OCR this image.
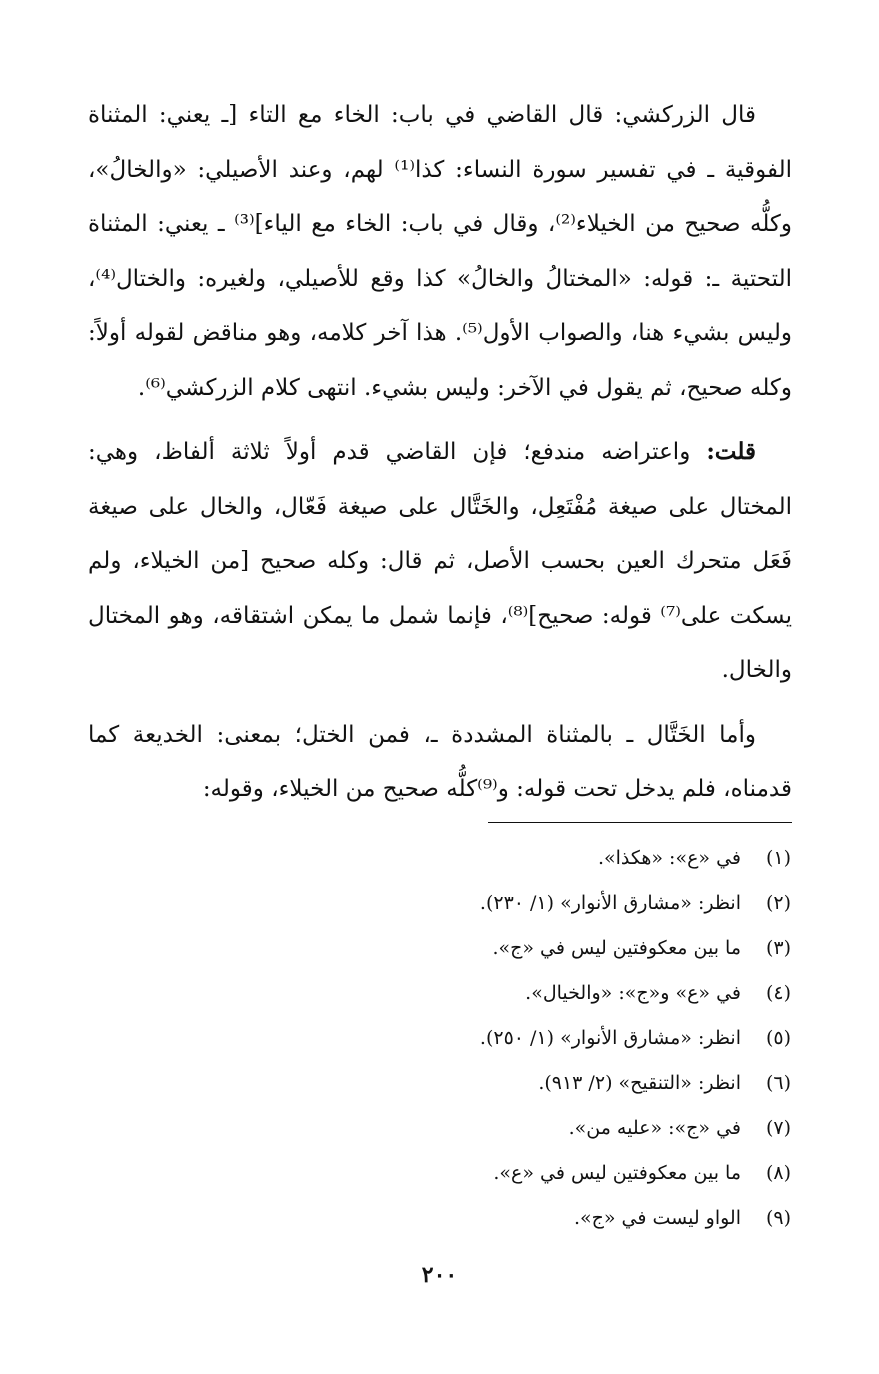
قال الزركشي: قال القاضي في باب: الخاء مع التاء [ـ يعني: المثناة الفوقية ـ في تفسير سورة النساء: كذا⁽¹⁾ لهم، وعند الأصيلي: «والخالُ»، وكلُّه صحيح من الخيلاء⁽²⁾، وقال في باب: الخاء مع الياء]⁽³⁾ ـ يعني: المثناة التحتية ـ: قوله: «المختالُ والخالُ» كذا وقع للأصيلي، ولغيره: والختال⁽⁴⁾، وليس بشيء هنا، والصواب الأول⁽⁵⁾. هذا آخر كلامه، وهو مناقض لقوله أولاً: وكله صحيح، ثم يقول في الآخر: وليس بشيء. انتهى كلام الزركشي⁽⁶⁾.

قلت: واعتراضه مندفع؛ فإن القاضي قدم أولاً ثلاثة ألفاظ، وهي: المختال على صيغة مُفْتَعِل، والخَتَّال على صيغة فَعّال، والخال على صيغة فَعَل متحرك العين بحسب الأصل، ثم قال: وكله صحيح [من الخيلاء، ولم يسكت على⁽⁷⁾ قوله: صحيح]⁽⁸⁾، فإنما شمل ما يمكن اشتقاقه، وهو المختال والخال.

وأما الخَتَّال ـ بالمثناة المشددة ـ، فمن الختل؛ بمعنى: الخديعة كما قدمناه، فلم يدخل تحت قوله: و⁽⁹⁾كلُّه صحيح من الخيلاء، وقوله:

(١)
في «ع»: «هكذا».
(٢)
انظر: «مشارق الأنوار» (١/ ٢٣٠).
(٣)
ما بين معكوفتين ليس في «ج».
(٤)
في «ع» و«ج»: «والخيال».
(٥)
انظر: «مشارق الأنوار» (١/ ٢٥٠).
(٦)
انظر: «التنقيح» (٢/ ٩١٣).
(٧)
في «ج»: «عليه من».
(٨)
ما بين معكوفتين ليس في «ع».
(٩)
الواو ليست في «ج».
٢٠٠
